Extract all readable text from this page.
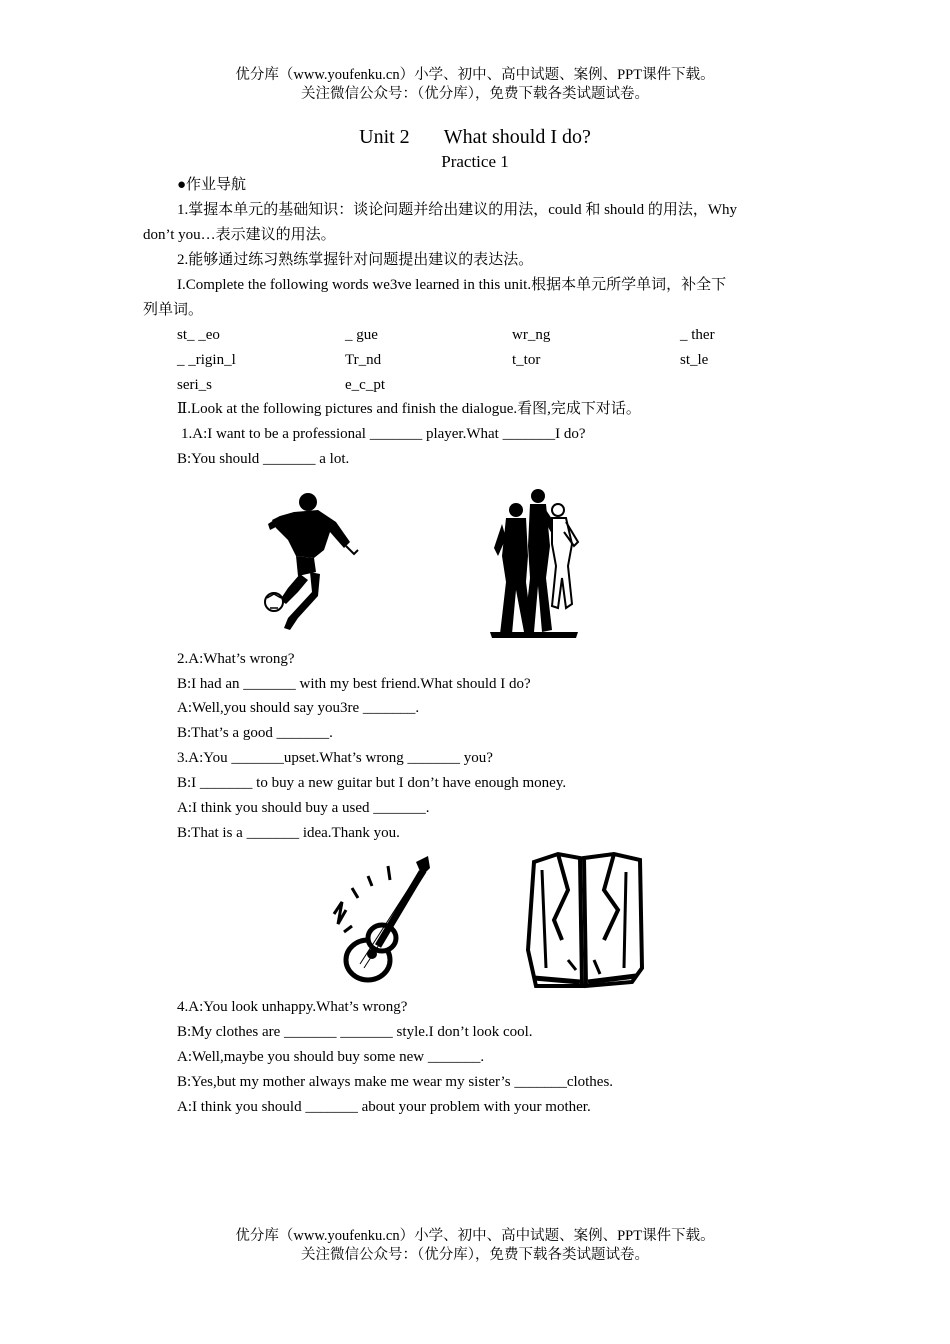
优分库（www.youfenku.cn）小学、初中、高中试题、案例、PPT课件下载。
关注微信公众号：（优分库），免费下载各类试题试卷。
Unit 2 What should I do?
Practice 1
●作业导航
1.掌握本单元的基础知识：谈论问题并给出建议的用法，could 和 should 的用法，Why
don’t you…表示建议的用法。
2.能够通过练习熟练掌握针对问题提出建议的表达法。
I.Complete the following words we3ve learned in this unit.根据本单元所学单词，补全下
列单词。
st_ _eo	_ gue	wr_ng	_ ther
_ _rigin_l	Tr_nd	t_tor	st_le
seri_s	e_c_pt
Ⅱ.Look at the following pictures and finish the dialogue.看图,完成下对话。
1.A:I want to be a professional _______ player.What _______I do?
B:You should _______ a lot.
2.A:What’s wrong?
B:I had an _______ with my best friend.What should I do?
A:Well,you should say you3re _______.
B:That’s a good _______.
3.A:You _______upset.What’s wrong _______ you?
B:I _______ to buy a new guitar but I don’t have enough money.
A:I think you should buy a used _______.
B:That is a _______ idea.Thank you.
4.A:You look unhappy.What’s wrong?
B:My clothes are _______ _______ style.I don’t look cool.
A:Well,maybe you should buy some new _______.
B:Yes,but my mother always make me wear my sister’s _______clothes.
A:I think you should _______ about your problem with your mother.
优分库（www.youfenku.cn）小学、初中、高中试题、案例、PPT课件下载。
关注微信公众号：（优分库），免费下载各类试题试卷。
